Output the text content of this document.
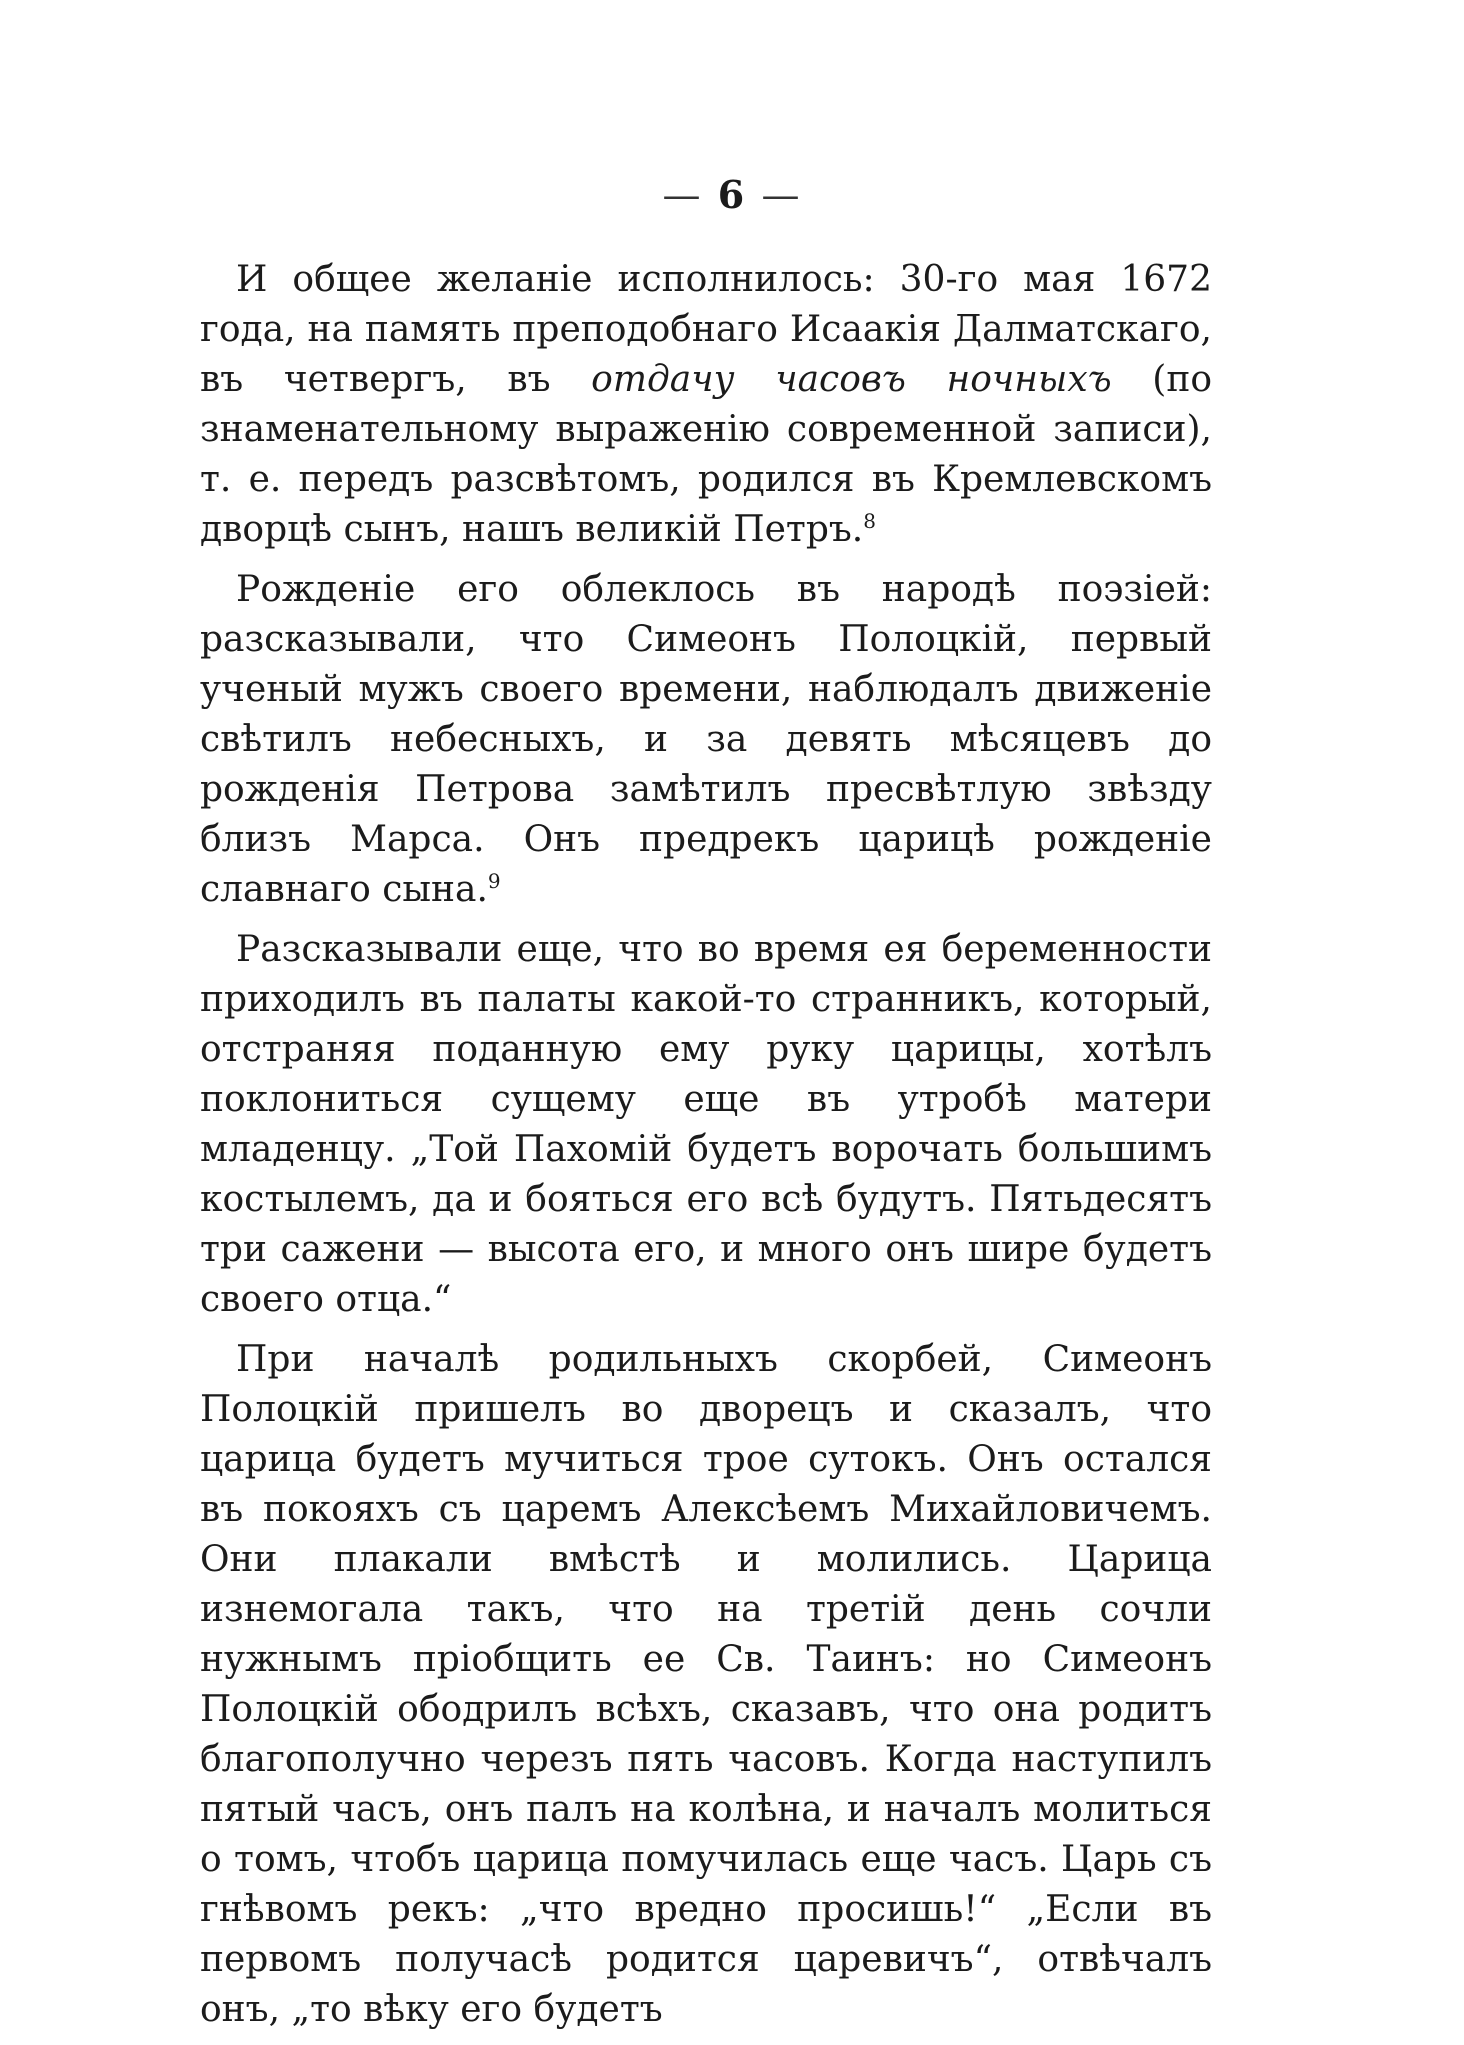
— 6 —

И общее желаніе исполнилось: 30-го мая 1672 года, на память преподобнаго Исаакія Далматскаго, въ четвергъ, въ отдачу часовъ ночныхъ (по знаменательному выраженію современной записи), т. е. передъ разсвѣтомъ, родился въ Кремлевскомъ дворцѣ сынъ, нашъ великій Петръ.$^8$

Рожденіе его облеклось въ народѣ поэзіей: разсказывали, что Симеонъ Полоцкій, первый ученый мужъ своего времени, наблюдалъ движеніе свѣтилъ небесныхъ, и за девять мѣсяцевъ до рожденія Петрова замѣтилъ пресвѣтлую звѣзду близъ Марса. Онъ предрекъ царицѣ рожденіе славнаго сына.$^9$

Разсказывали еще, что во время ея беременности приходилъ въ палаты какой-то странникъ, который, отстраняя поданную ему руку царицы, хотѣлъ поклониться сущему еще въ утробѣ матери младенцу. „Той Пахомій будетъ ворочать большимъ костылемъ, да и бояться его всѣ будутъ. Пятьдесятъ три сажени — высота его, и много онъ шире будетъ своего отца.“

При началѣ родильныхъ скорбей, Симеонъ Полоцкій пришелъ во дворецъ и сказалъ, что царица будетъ мучиться трое сутокъ. Онъ остался въ покояхъ съ царемъ Алексѣемъ Михайловичемъ. Они плакали вмѣстѣ и молились. Царица изнемогала такъ, что на третій день сочли нужнымъ пріобщить ее Св. Таинъ: но Симеонъ Полоцкій ободрилъ всѣхъ, сказавъ, что она родитъ благополучно черезъ пять часовъ. Когда наступилъ пятый часъ, онъ палъ на колѣна, и началъ молиться о томъ, чтобъ царица помучилась еще часъ. Царь съ гнѣвомъ рекъ: „что вредно просишь!“ „Если въ первомъ получасѣ родится царевичъ“, отвѣчалъ онъ, „то вѣку его будетъ
